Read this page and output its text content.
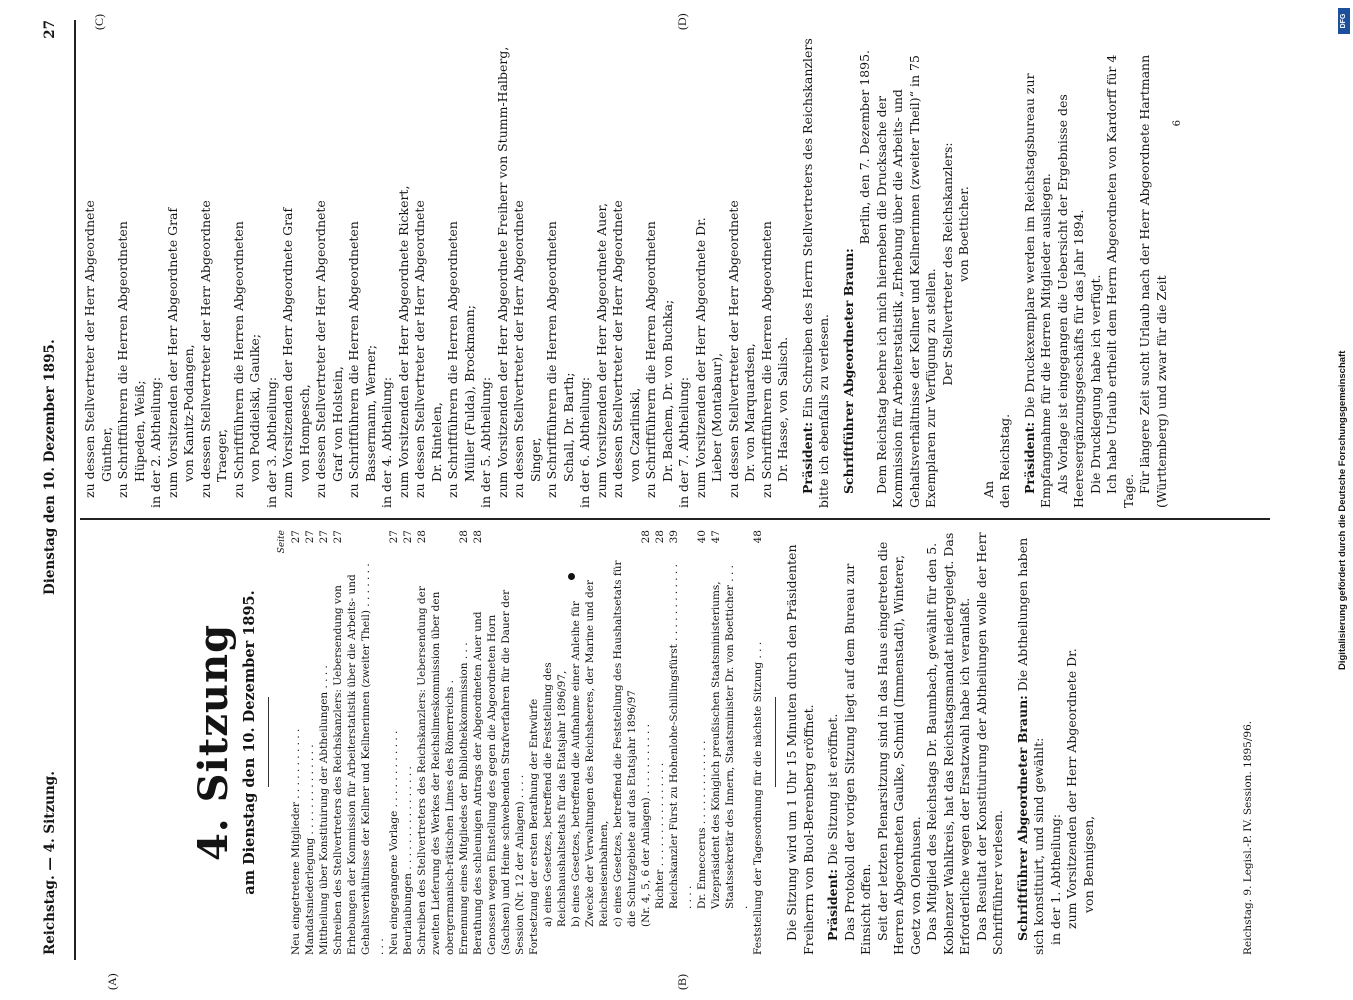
Reichstag. — 4. Sitzung.
Dienstag den 10. Dezember 1895.
27
(A)	(B)
(C)	(D)
4. Sitzung am Dienstag den 10. Dezember 1895.
Seite
Neu eingetretene Mitglieder . . . . . . . . . . .
27
Mandatsniederlegung . . . . . . . . . . . . . .
27
Mittheilung über Konstituirung der Abtheilungen . . . .
27
Schreiben des Stellvertreters des Reichskanzlers: Uebersendung von Erhebungen der Kommission für Arbeiterstatistik über die Arbeits- und Gehaltsverhältnisse der Kellner und Kellnerinnen (zweiter Theil) . . . . . . . . . .
27
Neu eingegangene Vorlage . . . . . . . . . . . .
27
Beurlaubungen . . . . . . . . . . . . . . . .
27
Schreiben des Stellvertreters des Reichskanzlers: Uebersendung der zweiten Lieferung des Werkes der Reichslimeskommission über den obergermanisch-rätischen Limes des Römerreichs .
28
Ernennung eines Mitgliedes der Bibliothekkommission . . .
28
Berathung des schleunigen Antrags der Abgeordneten Auer und Genossen wegen Einstellung des gegen die Abgeordneten Horn (Sachsen) und Heine schwebenden Strafverfahren für die Dauer der Session (Nr. 12 der Anlagen) . . . .
28
Fortsetzung der ersten Berathung der Entwürfe a) eines Gesetzes, betreffend die Feststellung des Reichshaushaltsetats für das Etatsjahr 1896/97, b) eines Gesetzes, betreffend die Aufnahme einer Anleihe für Zwecke der Verwaltungen des Reichsheeres, der Marine und der Reichseisenbahnen, c) eines Gesetzes, betreffend die Feststellung des Haushaltsetats für die Schutzgebiete auf das Etatsjahr 1896/97 (Nr. 4, 5, 6 der Anlagen) . . . . . . . . . . .
28
Richter . . . . . . . . . . . . . . . .
28
Reichskanzler Fürst zu Hohenlohe-Schillingsfürst . . . . . . . . . . . . . . . .
39
Dr. Enneccerus . . . . . . . . . . . . .
40
Vizepräsident des Königlich preußischen Staatsministeriums, Staatssekretär des Innern, Staatsminister Dr. von Boetticher . . . .
47
Feststellung der Tagesordnung für die nächste Sitzung . . .
48

Die Sitzung wird um 1 Uhr 15 Minuten durch den Präsidenten Freiherrn von Buol-Berenberg eröffnet. Präsident: Die Sitzung ist eröffnet. Das Protokoll der vorigen Sitzung liegt auf dem Bureau zur Einsicht offen. Seit der letzten Plenarsitzung sind in das Haus eingetreten die Herren Abgeordneten Gaulke, Schmid (Immenstadt), Winterer, Goetz von Olenhusen. Das Mitglied des Reichstags Dr. Baumbach, gewählt für den 5. Koblenzer Wahlkreis, hat das Reichstagsmandat niedergelegt. Das Erforderliche wegen der Ersatzwahl habe ich veranlaßt. Das Resultat der Konstituirung der Abtheilungen wolle der Herr Schriftführer verlesen. Schriftführer Abgeordneter Braun: Die Abtheilungen haben sich konstituirt, und sind gewählt: in der 1. Abtheilung: zum Vorsitzenden der Herr Abgeordnete Dr. von Bennigsen,	Reichstag. 9. Legisl.-P. IV. Session. 1895/96.

zu dessen Stellvertreter der Herr Abgeordnete Günther, zu Schriftführern die Herren Abgeordneten Hüpeden, Weiß; in der 2. Abtheilung: zum Vorsitzenden der Herr Abgeordnete Graf von Kanitz-Podangen, zu dessen Stellvertreter der Herr Abgeordnete Traeger, zu Schriftführern die Herren Abgeordneten von Poddielski, Gaulke; in der 3. Abtheilung: zum Vorsitzenden der Herr Abgeordnete Graf von Hompesch, zu dessen Stellvertreter der Herr Abgeordnete Graf von Holstein, zu Schriftführern die Herren Abgeordneten Bassermann, Werner; in der 4. Abtheilung: zum Vorsitzenden der Herr Abgeordnete Rickert, zu dessen Stellvertreter der Herr Abgeordnete Dr. Rintelen, zu Schriftführern die Herren Abgeordneten Müller (Fulda), Brockmann; in der 5. Abtheilung: zum Vorsitzenden der Herr Abgeordnete Freiherr von Stumm-Halberg, zu dessen Stellvertreter der Herr Abgeordnete Singer, zu Schriftführern die Herren Abgeordneten Schall, Dr. Barth; in der 6. Abtheilung: zum Vorsitzenden der Herr Abgeordnete Auer, zu dessen Stellvertreter der Herr Abgeordnete von Czarlinski, zu Schriftführern die Herren Abgeordneten Dr. Bachem, Dr. von Buchka; in der 7. Abtheilung: zum Vorsitzenden der Herr Abgeordnete Dr. Lieber (Montabaur), zu dessen Stellvertreter der Herr Abgeordnete Dr. von Marquardsen, zu Schriftführern die Herren Abgeordneten Dr. Hasse, von Salisch. Präsident: Ein Schreiben des Herrn Stellvertreters des Reichskanzlers bitte ich ebenfalls zu verlesen. Schriftführer Abgeordneter Braun:

Berlin, den 7. Dezember 1895. Dem Reichstag beehre ich mich hierneben die Drucksache der Kommission für Arbeiterstatistik „Erhebung über die Arbeits- und Gehaltsverhältnisse der Kellner und Kellnerinnen (zweiter Theil)“ in 75 Exemplaren zur Verfügung zu stellen.

Der Stellvertreter des Reichskanzlers: von Boetticher.

An den Reichstag. Präsident: Die Druckexemplare werden im Reichstagsbureau zur Empfangnahme für die Herren Mitglieder ausliegen. Als Vorlage ist eingegangen die Uebersicht der Ergebnisse des Heeresergänzungsgeschäfts für das Jahr 1894. Die Drucklegung habe ich verfügt. Ich habe Urlaub ertheilt dem Herrn Abgeordneten von Kardorff für 4 Tage. Für längere Zeit sucht Urlaub nach der Herr Abgeordnete Hartmann (Württemberg) und zwar für die Zeit

6

Digitalisierung gefördert durch die Deutsche Forschungsgemeinschaft
DFG
